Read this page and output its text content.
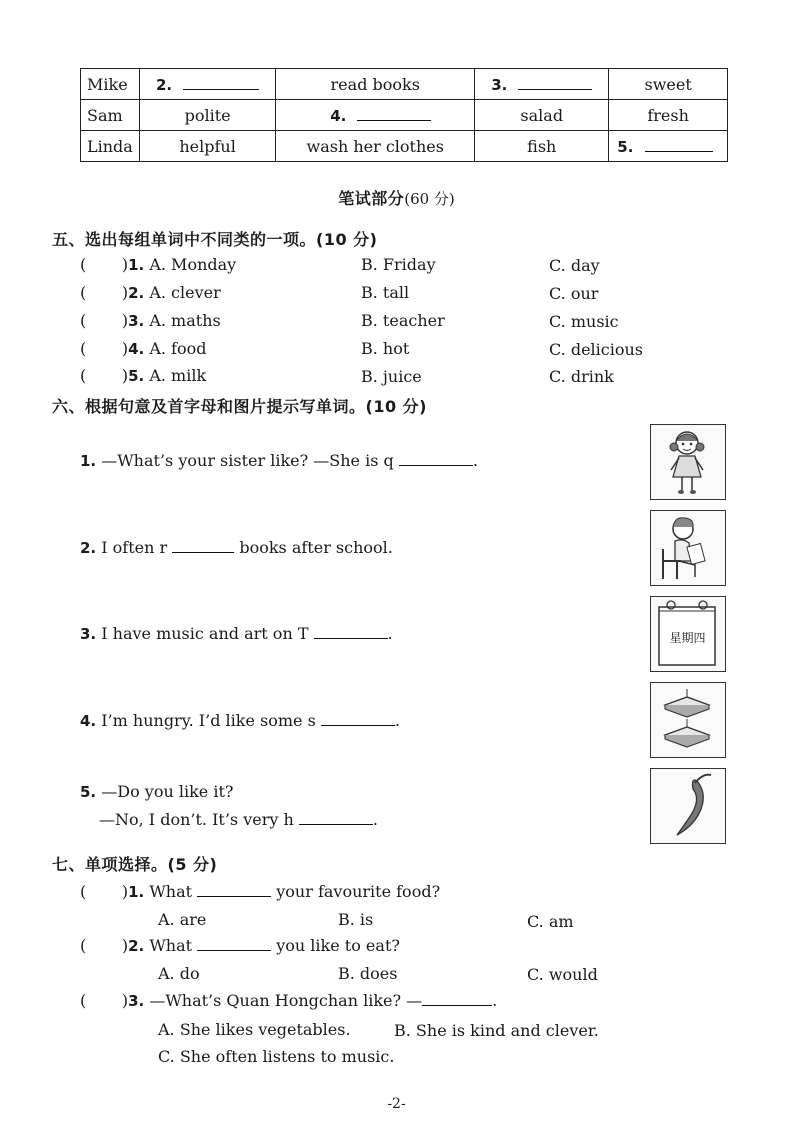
Mike	2.	read books	3.	sweet
Sam	polite	4.	salad	fresh
Linda	helpful	wash her clothes	fish	5.
笔试部分(60 分)
五、选出每组单词中不同类的一项。(10 分)
(       )1. A. Monday	B. Friday	C. day
(       )2. A. clever	B. tall	C. our
(       )3. A. maths	B. teacher	C. music
(       )4. A. food	B. hot	C. delicious
(       )5. A. milk	B. juice	C. drink
六、根据句意及首字母和图片提示写单词。(10 分)
1. —What’s your sister like? —She is q	.
2. I often r	books after school.
3. I have music and art on T	.
4. I’m hungry. I’d like some s	.
5. —Do you like it?
—No, I don’t. It’s very h	.
星期四
七、单项选择。(5 分)
(       )1. What	your favourite food?
A. are	B. is	C. am
(       )2. What	you like to eat?
A. do	B. does	C. would
(       )3. —What’s Quan Hongchan like? —	.
A. She likes vegetables.	B. She is kind and clever.
C. She often listens to music.
-2-
